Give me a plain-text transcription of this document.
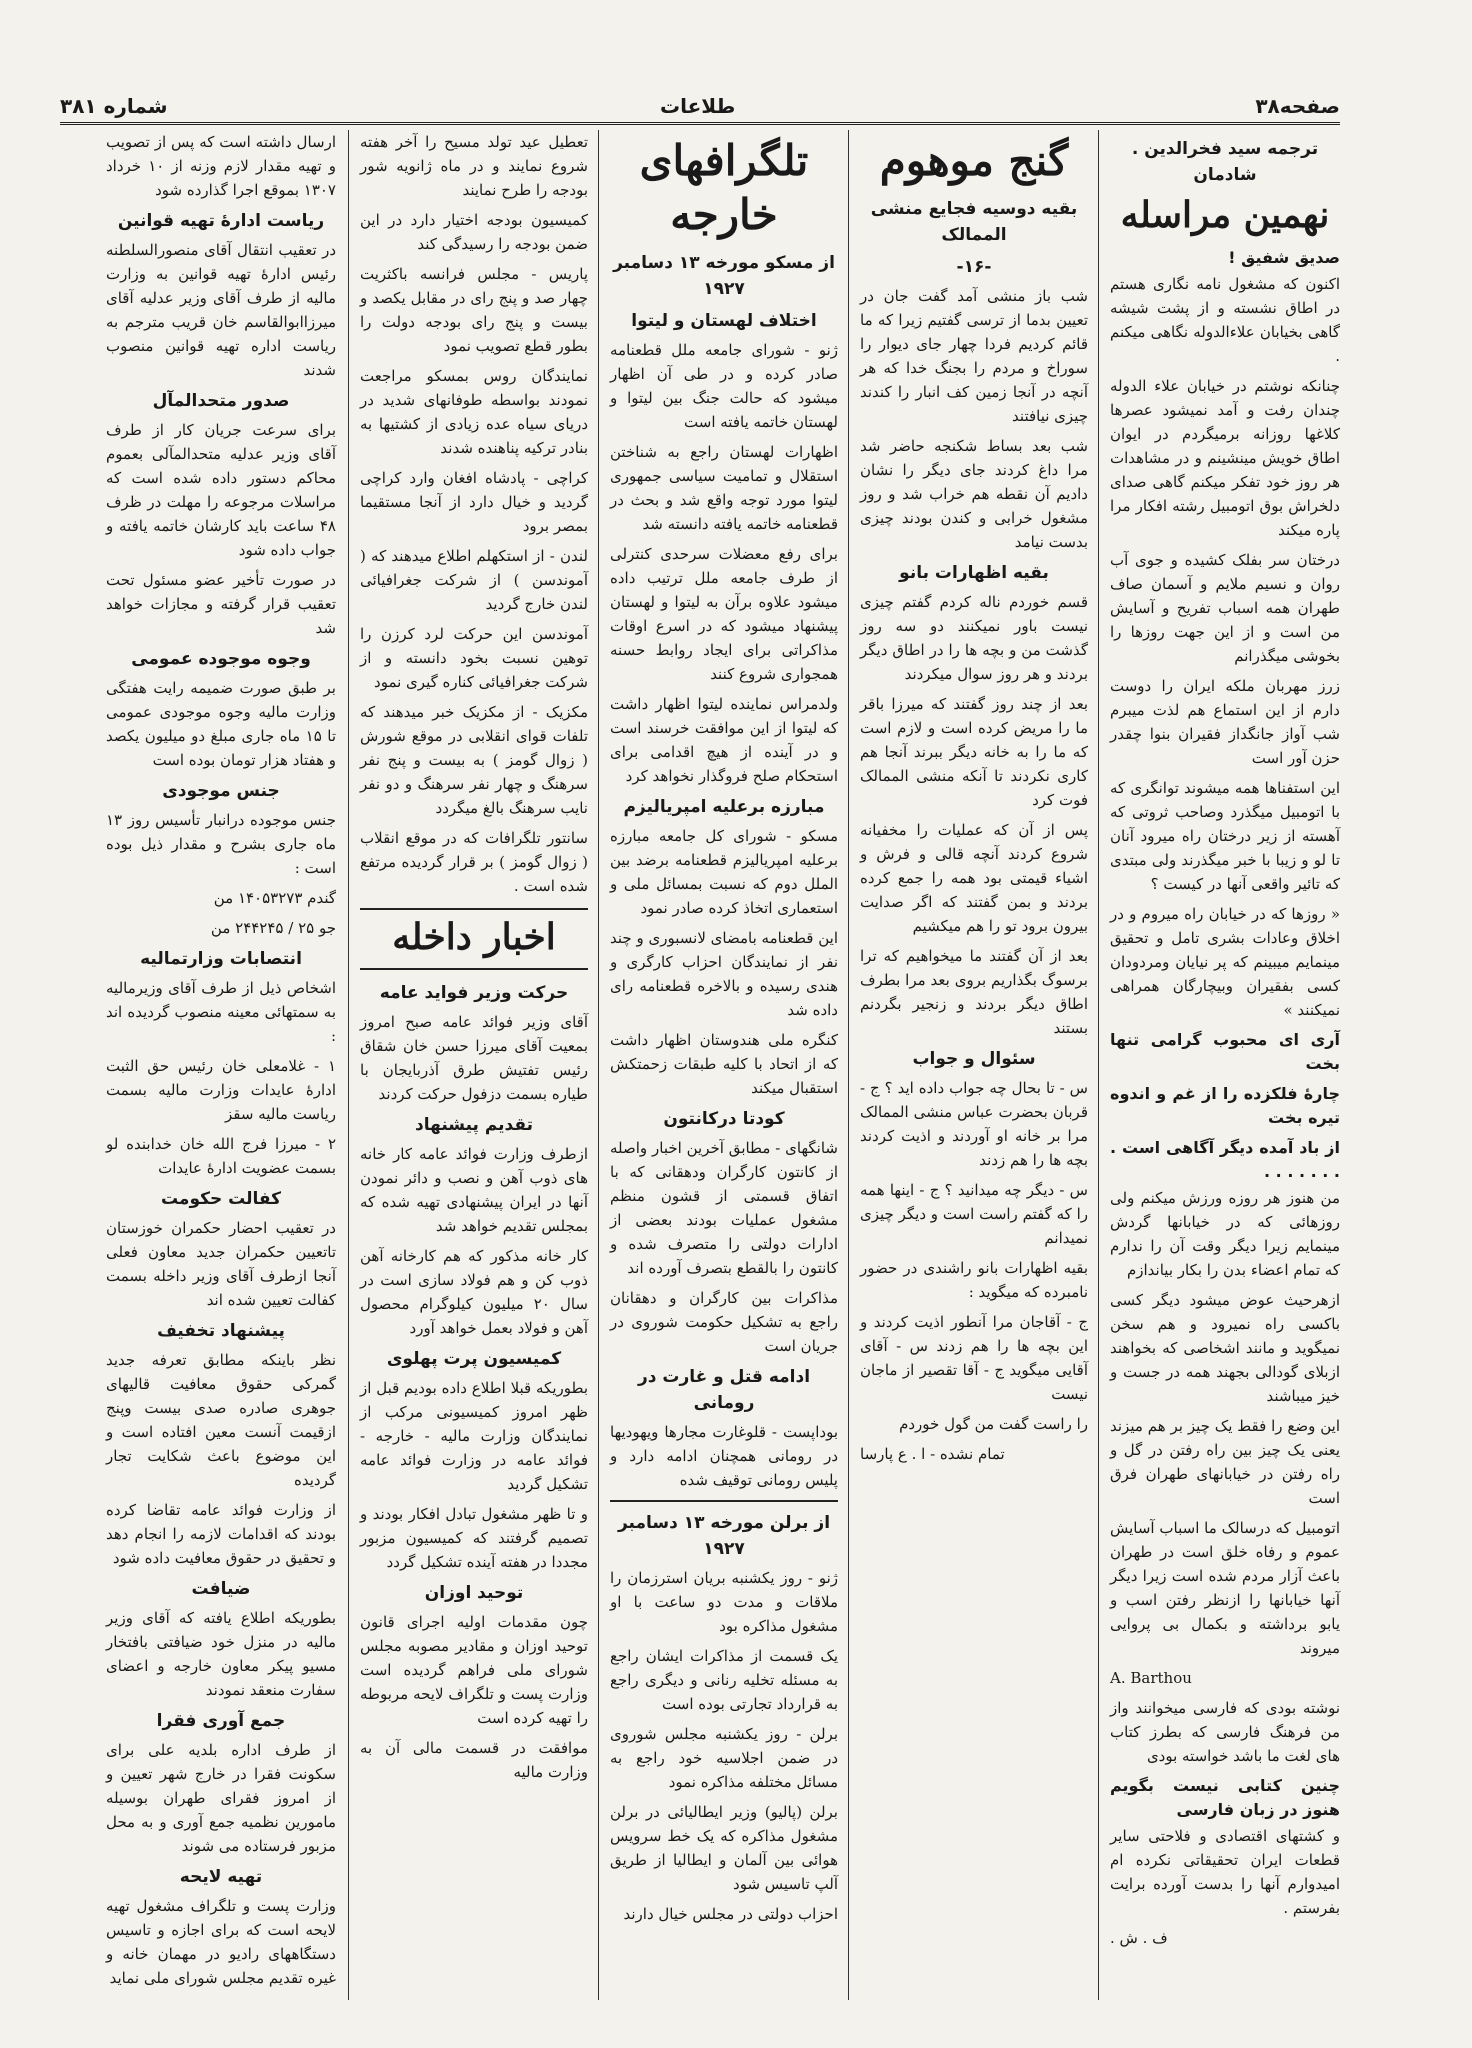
صفحه۳۸
طلاعات
شماره ۳۸۱
ترجمه سید فخرالدین . شادمان
نهمین مراسله
صدیق شفیق !

اکنون که مشغول نامه نگاری هستم در اطاق نشسته و از پشت شیشه گاهی بخیابان علاءالدوله نگاهی میکنم .

چنانکه نوشتم در خیابان علاء الدوله چندان رفت و آمد نمیشود عصرها کلاغها روزانه برمیگردم در ایوان اطاق خویش مینشینم و در مشاهدات هر روز خود تفکر میکنم گاهی صدای دلخراش بوق اتومبیل رشته افکار مرا پاره میکند

درختان سر بفلک کشیده و جوی آب روان و نسیم ملایم و آسمان صاف طهران همه اسباب تفریح و آسایش من است و از این جهت روزها را بخوشی میگذرانم

زرز مهربان ملکه ایران را دوست دارم از این استماع هم لذت میبرم شب آواز جانگداز فقیران بنوا چقدر حزن آور است

این استفناها همه میشوند توانگری که با اتومبیل میگذرد وصاحب ثروتی که آهسته از زیر درختان راه میرود آنان تا لو و زیبا با خبر میگذرند ولی مبتدی که تائیر واقعی آنها در کیست ؟

« روزها که در خیابان راه میروم و در اخلاق وعادات بشری تامل و تحقیق مینمایم میبینم که پر نیایان ومردودان کسی بفقیران وبیچارگان همراهی نمیکنند »

آری ای محبوب گرامی تنها بخت
چارهٔ فلکزده را از غم و اندوه تیره بخت
از باد آمده دیگر آگاهی است . . . . . . . .

من هنوز هر روزه ورزش میکنم ولی روزهائی که در خیابانها گردش مینمایم زیرا دیگر وقت آن را ندارم که تمام اعضاء بدن را بکار بیاندازم

ازهرحیث عوض میشود دیگر کسی باکسی راه نمیرود و هم سخن نمیگوید و مانند اشخاصی که بخواهند ازبلای گودالی بجهند همه در جست و خیز میباشند

این وضع را فقط یک چیز بر هم میزند یعنی یک چیز بین راه رفتن در گل و راه رفتن در خیابانهای طهران فرق است

اتومبیل که درسالک ما اسباب آسایش عموم و رفاه خلق است در طهران باعث آزار مردم شده است زیرا دیگر آنها خیابانها را ازنظر رفتن اسب و یابو برداشته و بکمال بی پروایی میروند

A. Barthou

نوشته بودی که فارسی میخوانند واز من فرهنگ فارسی که بطرز کتاب های لغت ما باشد خواسته بودی

چنین کتابی نیست بگویم هنوز در زبان فارسی

و کشتهای اقتصادی و فلاحتی سایر قطعات ایران تحقیقاتی نکرده ام امیدوارم آنها را بدست آورده برایت بفرستم .

ف . ش .

گنج موهوم
بقیه دوسیه فجایع منشی الممالک
-۱۶-

شب باز منشی آمد گفت جان در تعیین بدما از ترسی گفتیم زیرا که ما قائم کردیم فردا چهار جای دیوار را سوراخ و مردم را بجنگ خدا که هر آنچه در آنجا زمین کف انبار را کندند چیزی نیافتند

شب بعد بساط شکنجه حاضر شد مرا داغ کردند جای دیگر را نشان دادیم آن نقطه هم خراب شد و روز مشغول خرابی و کندن بودند چیزی بدست نیامد

بقیه اظهارات بانو

قسم خوردم ناله کردم گفتم چیزی نیست باور نمیکنند دو سه روز گذشت من و بچه ها را در اطاق دیگر بردند و هر روز سوال میکردند

بعد از چند روز گفتند که میرزا باقر ما را مریض کرده است و لازم است که ما را به خانه دیگر ببرند آنجا هم کاری نکردند تا آنکه منشی الممالک فوت کرد

پس از آن که عملیات را مخفیانه شروع کردند آنچه قالی و فرش و اشیاء قیمتی بود همه را جمع کرده بردند و بمن گفتند که اگر صدایت بیرون برود تو را هم میکشیم

بعد از آن گفتند ما میخواهیم که ترا برسوگ بگذاریم بروی بعد مرا بطرف اطاق دیگر بردند و زنجیر بگردنم بستند

سئوال و جواب

س - تا بحال چه جواب داده اید ؟ ج - قربان بحضرت عباس منشی الممالک مرا بر خانه او آوردند و اذیت کردند بچه ها را هم زدند

س - دیگر چه میدانید ؟ ج - اینها همه را که گفتم راست است و دیگر چیزی نمیدانم

بقیه اظهارات بانو راشندی در حضور نامبرده که میگوید :

ج - آقاجان مرا آنطور اذیت کردند و این بچه ها را هم زدند س - آقای آقایی میگوید ج - آقا تقصیر از ماجان نیست

را راست گفت من گول خوردم

تمام نشده - ا . ع پارسا

تلگرافهای خارجه
از مسکو مورخه ۱۳ دسامبر ۱۹۲۷
اختلاف لهستان و لیتوا

ژنو - شورای جامعه ملل قطعنامه صادر کرده و در طی آن اظهار میشود که حالت جنگ بین لیتوا و لهستان خاتمه یافته است

اظهارات لهستان راجع به شناختن استقلال و تمامیت سیاسی جمهوری لیتوا مورد توجه واقع شد و بحث در قطعنامه خاتمه یافته دانسته شد

برای رفع معضلات سرحدی کنترلی از طرف جامعه ملل ترتیب داده میشود علاوه برآن به لیتوا و لهستان پیشنهاد میشود که در اسرع اوقات مذاکراتی برای ایجاد روابط حسنه همجواری شروع کنند

ولدمراس نماینده لیتوا اظهار داشت که لیتوا از این موافقت خرسند است و در آینده از هیچ اقدامی برای استحکام صلح فروگذار نخواهد کرد

مبارزه برعلیه امپریالیزم

مسکو - شورای کل جامعه مبارزه برعلیه امپریالیزم قطعنامه برضد بین الملل دوم که نسبت بمسائل ملی و استعماری اتخاذ کرده صادر نمود

این قطعنامه بامضای لانسبوری و چند نفر از نمایندگان احزاب کارگری و هندی رسیده و بالاخره قطعنامه رای داده شد

کنگره ملی هندوستان اظهار داشت که از اتحاد با کلیه طبقات زحمتکش استقبال میکند

کودتا درکانتون

شانگهای - مطابق آخرین اخبار واصله از کانتون کارگران ودهقانی که با اتفاق قسمتی از قشون منظم مشغول عملیات بودند بعضی از ادارات دولتی را متصرف شده و کانتون را بالقطع بتصرف آورده اند

مذاکرات بین کارگران و دهقانان راجع به تشکیل حکومت شوروی در جریان است

ادامه قتل و غارت در رومانی

بوداپست - قلوغارت مجارها ویهودیها در رومانی همچنان ادامه دارد و پلیس رومانی توقیف شده

از برلن مورخه ۱۳ دسامبر ۱۹۲۷

ژنو - روز یکشنبه بریان استرزمان را ملاقات و مدت دو ساعت با او مشغول مذاکره بود

یک قسمت از مذاکرات ایشان راجع به مسئله تخلیه رنانی و دیگری راجع به قرارداد تجارتی بوده است

برلن - روز یکشنبه مجلس شوروی در ضمن اجلاسیه خود راجع به مسائل مختلفه مذاکره نمود

برلن (پالیو) وزیر ایطالیائی در برلن مشغول مذاکره که یک خط سرویس هوائی بین آلمان و ایطالیا از طریق آلپ تاسیس شود

احزاب دولتی در مجلس خیال دارند

تعطیل عید تولد مسیح را آخر هفته شروع نمایند و در ماه ژانویه شور بودجه را طرح نمایند

کمیسیون بودجه اختیار دارد در این ضمن بودجه را رسیدگی کند

پاریس - مجلس فرانسه باکثریت چهار صد و پنج رای در مقابل یکصد و بیست و پنج رای بودجه دولت را بطور قطع تصویب نمود

نمایندگان روس بمسکو مراجعت نمودند بواسطه طوفانهای شدید در دریای سیاه عده زیادی از کشتیها به بنادر ترکیه پناهنده شدند

کراچی - پادشاه افغان وارد کراچی گردید و خیال دارد از آنجا مستقیما بمصر برود

لندن - از استکهلم اطلاع میدهند که ( آموندسن ) از شرکت جغرافیائی لندن خارج گردید

آموندسن این حرکت لرد کرزن را توهین نسبت بخود دانسته و از شرکت جغرافیائی کناره گیری نمود

مکزیک - از مکزیک خبر میدهند که تلفات قوای انقلابی در موقع شورش ( زوال گومز ) به بیست و پنج نفر سرهنگ و چهار نفر سرهنگ و دو نفر نایب سرهنگ بالغ میگردد

سانتور تلگرافات که در موقع انقلاب ( زوال گومز ) بر قرار گردیده مرتفع شده است .

اخبار داخله
حرکت وزیر فواید عامه

آقای وزیر فوائد عامه صبح امروز بمعیت آقای میرزا حسن خان شقاق رئیس تفتیش طرق آذربایجان با طیاره بسمت دزفول حرکت کردند

تقدیم پیشنهاد

ازطرف وزارت فوائد عامه کار خانه های ذوب آهن و نصب و دائر نمودن آنها در ایران پیشنهادی تهیه شده که بمجلس تقدیم خواهد شد

کار خانه مذکور که هم کارخانه آهن ذوب کن و هم فولاد سازی است در سال ۲۰ میلیون کیلوگرام محصول آهن و فولاد بعمل خواهد آورد

کمیسیون پرت پهلوی

بطوریکه قبلا اطلاع داده بودیم قبل از ظهر امروز کمیسیونی مرکب از نمایندگان وزارت مالیه - خارجه - فوائد عامه در وزارت فوائد عامه تشکیل گردید

و تا ظهر مشغول تبادل افکار بودند و تصمیم گرفتند که کمیسیون مزبور مجددا در هفته آینده تشکیل گردد

توحید اوزان

چون مقدمات اولیه اجرای قانون توحید اوزان و مقادیر مصوبه مجلس شورای ملی فراهم گردیده است وزارت پست و تلگراف لایحه مربوطه را تهیه کرده است

موافقت در قسمت مالی آن به وزارت مالیه

ارسال داشته است که پس از تصویب و تهیه مقدار لازم وزنه از ۱۰ خرداد ۱۳۰۷ بموقع اجرا گذارده شود

ریاست ادارهٔ تهیه قوانین

در تعقیب انتقال آقای منصورالسلطنه رئیس ادارهٔ تهیه قوانین به وزارت مالیه از طرف آقای وزیر عدلیه آقای میرزاابوالقاسم خان قریب مترجم به ریاست اداره تهیه قوانین منصوب شدند

صدور متحدالمآل

برای سرعت جریان کار از طرف آقای وزیر عدلیه متحدالمآلی بعموم محاکم دستور داده شده است که مراسلات مرجوعه را مهلت در ظرف ۴۸ ساعت باید کارشان خاتمه یافته و جواب داده شود

در صورت تأخیر عضو مسئول تحت تعقیب قرار گرفته و مجازات خواهد شد

وجوه موجوده عمومی

بر طبق صورت ضمیمه رایت هفتگی وزارت مالیه وجوه موجودی عمومی تا ۱۵ ماه جاری مبلغ دو میلیون یکصد و هفتاد هزار تومان بوده است

جنس موجودی

جنس موجوده درانبار تأسیس روز ۱۳ ماه جاری بشرح و مقدار ذیل بوده است :

گندم ۱۴۰۵۳۲۷۳ من

جو ۲۵ / ۲۴۴۲۴۵ من

انتصابات وزارتمالیه

اشخاص ذیل از طرف آقای وزیرمالیه به سمتهائی معینه منصوب گردیده اند :

۱ - غلامعلی خان رئیس حق الثبت ادارهٔ عایدات وزارت مالیه بسمت ریاست مالیه سقز

۲ - میرزا فرج الله خان خدابنده لو بسمت عضویت ادارهٔ عایدات

کفالت حکومت

در تعقیب احضار حکمران خوزستان تاتعیین حکمران جدید معاون فعلی آنجا ازطرف آقای وزیر داخله بسمت کفالت تعیین شده اند

پیشنهاد تخفیف

نظر باینکه مطابق تعرفه جدید گمرکی حقوق معافیت قالیهای جوهری صادره صدی بیست وپنج ازقیمت آنست معین افتاده است و این موضوع باعث شکایت تجار گردیده

از وزارت فوائد عامه تقاضا کرده بودند که اقدامات لازمه را انجام دهد و تحقیق در حقوق معافیت داده شود

ضیافت

بطوریکه اطلاع یافته که آقای وزیر مالیه در منزل خود ضیافتی بافتخار مسیو پیکر معاون خارجه و اعضای سفارت منعقد نمودند

جمع آوری فقرا

از طرف اداره بلدیه علی برای سکونت فقرا در خارج شهر تعیین و از امروز فقرای طهران بوسیله مامورین نظمیه جمع آوری و به محل مزبور فرستاده می شوند

تهیه لایحه

وزارت پست و تلگراف مشغول تهیه لایحه است که برای اجازه و تاسیس دستگاههای رادیو در مهمان خانه و غیره تقدیم مجلس شورای ملی نماید
